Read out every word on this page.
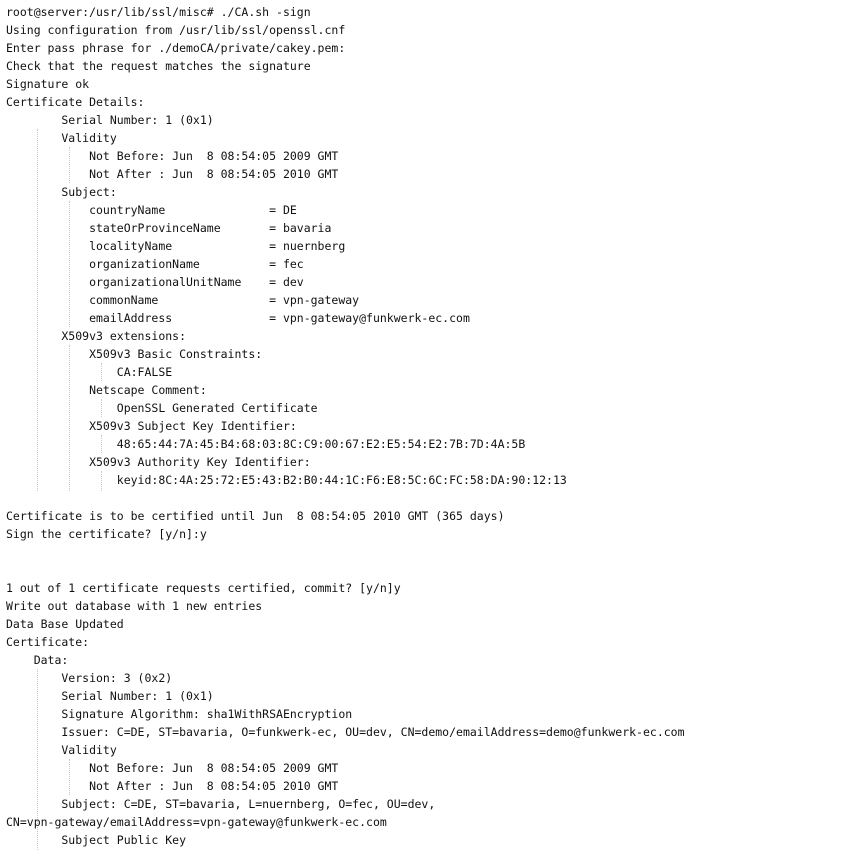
root@server:/usr/lib/ssl/misc# ./CA.sh -sign
Using configuration from /usr/lib/ssl/openssl.cnf
Enter pass phrase for ./demoCA/private/cakey.pem:
Check that the request matches the signature
Signature ok
Certificate Details:
Serial Number: 1 (0x1)
Validity
Not Before: Jun  8 08:54:05 2009 GMT
Not After : Jun  8 08:54:05 2010 GMT
Subject:
countryName               = DE
stateOrProvinceName       = bavaria
localityName              = nuernberg
organizationName          = fec
organizationalUnitName    = dev
commonName                = vpn-gateway
emailAddress              = vpn-gateway@funkwerk-ec.com
X509v3 extensions:
X509v3 Basic Constraints:
CA:FALSE
Netscape Comment:
OpenSSL Generated Certificate
X509v3 Subject Key Identifier:
48:65:44:7A:45:B4:68:03:8C:C9:00:67:E2:E5:54:E2:7B:7D:4A:5B
X509v3 Authority Key Identifier:
keyid:8C:4A:25:72:E5:43:B2:B0:44:1C:F6:E8:5C:6C:FC:58:DA:90:12:13

Certificate is to be certified until Jun  8 08:54:05 2010 GMT (365 days)
Sign the certificate? [y/n]:y

1 out of 1 certificate requests certified, commit? [y/n]y
Write out database with 1 new entries
Data Base Updated
Certificate:
Data:
Version: 3 (0x2)
Serial Number: 1 (0x1)
Signature Algorithm: sha1WithRSAEncryption
Issuer: C=DE, ST=bavaria, O=funkwerk-ec, OU=dev, CN=demo/emailAddress=demo@funkwerk-ec.com
Validity
Not Before: Jun  8 08:54:05 2009 GMT
Not After : Jun  8 08:54:05 2010 GMT
Subject: C=DE, ST=bavaria, L=nuernberg, O=fec, OU=dev,
CN=vpn-gateway/emailAddress=vpn-gateway@funkwerk-ec.com
Subject Public Key
